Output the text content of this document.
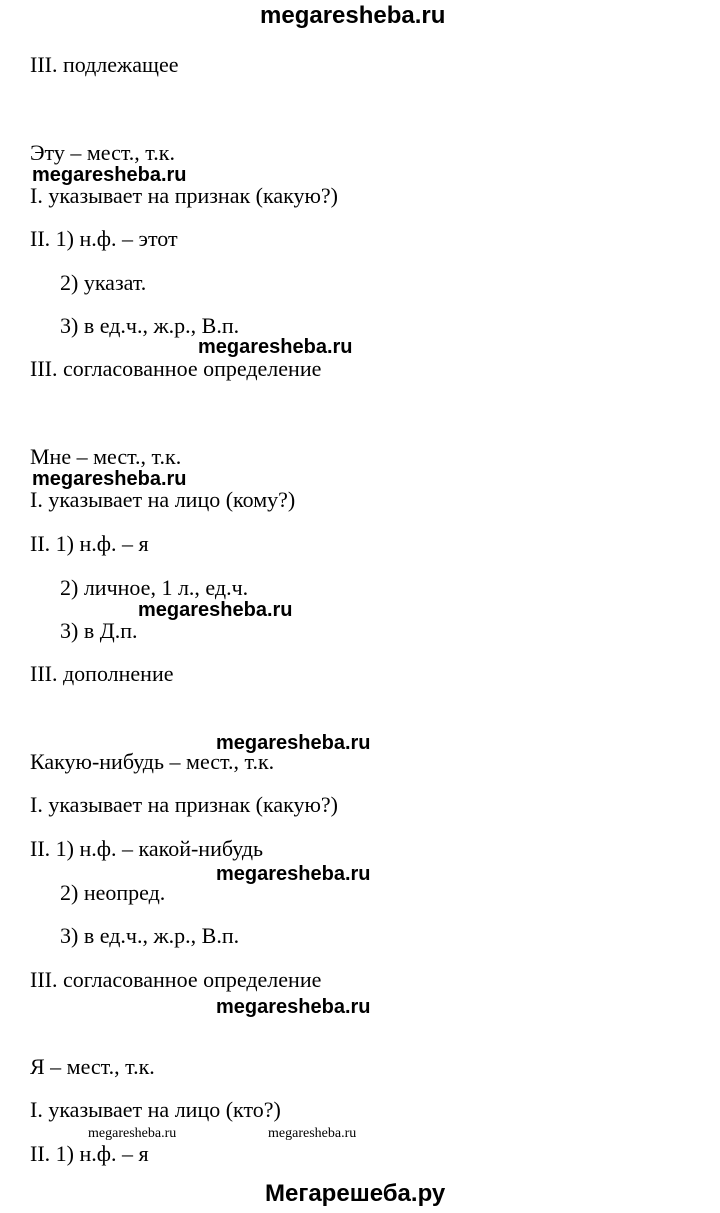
megaresheba.ru
III. подлежащее
Эту – мест., т.к.
megaresheba.ru
I. указывает на признак (какую?)
II. 1) н.ф. – этот
2) указат.
3) в ед.ч., ж.р., В.п.
megaresheba.ru
III. согласованное определение
Мне – мест., т.к.
megaresheba.ru
I. указывает на лицо (кому?)
II. 1) н.ф. – я
2) личное, 1 л., ед.ч.
megaresheba.ru
3) в Д.п.
III. дополнение
megaresheba.ru
Какую-нибудь – мест., т.к.
I. указывает на признак (какую?)
II. 1) н.ф. – какой-нибудь
megaresheba.ru
2) неопред.
3) в ед.ч., ж.р., В.п.
III. согласованное определение
megaresheba.ru
Я – мест., т.к.
I. указывает на лицо (кто?)
megaresheba.ru	megaresheba.ru
II. 1) н.ф. – я
Мегарешеба.ру
